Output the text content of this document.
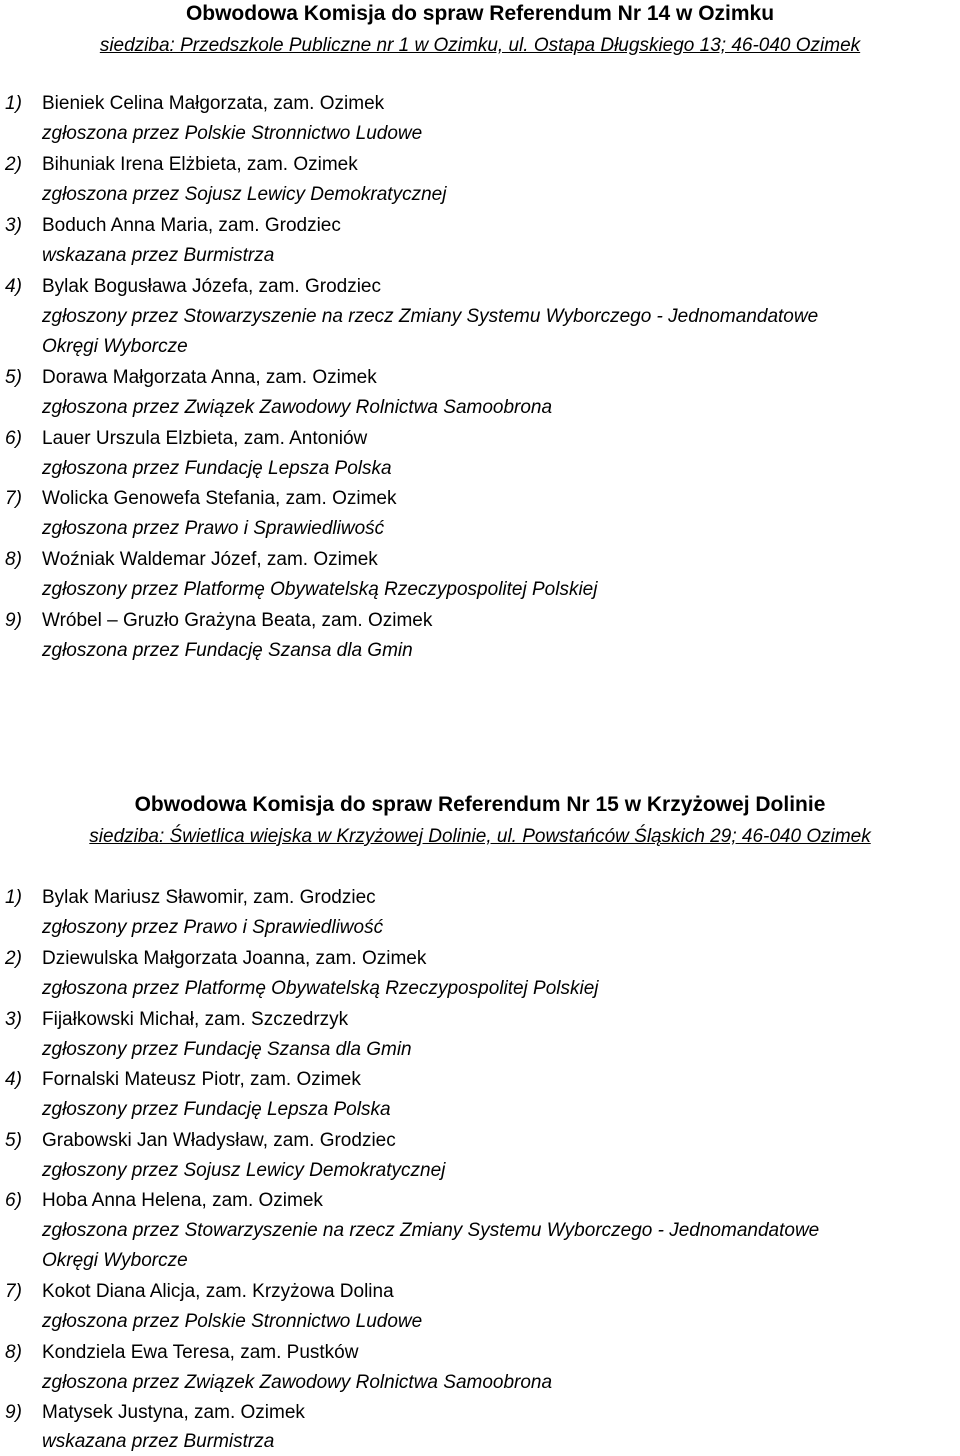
Obwodowa Komisja do spraw Referendum Nr 14 w Ozimku
siedziba: Przedszkole Publiczne nr 1 w Ozimku, ul. Ostapa Długskiego 13; 46-040 Ozimek
1) Bieniek Celina Małgorzata, zam. Ozimek
zgłoszona przez Polskie Stronnictwo Ludowe
2) Bihuniak Irena Elżbieta, zam. Ozimek
zgłoszona przez Sojusz Lewicy Demokratycznej
3) Boduch Anna Maria, zam. Grodziec
wskazana przez Burmistrza
4) Bylak Bogusława Józefa, zam. Grodziec
zgłoszony przez Stowarzyszenie na rzecz Zmiany Systemu Wyborczego - Jednomandatowe
Okręgi Wyborcze
5) Dorawa Małgorzata Anna, zam. Ozimek
zgłoszona przez Związek Zawodowy Rolnictwa Samoobrona
6) Lauer Urszula Elzbieta, zam. Antoniów
zgłoszona przez Fundację Lepsza Polska
7) Wolicka Genowefa Stefania, zam. Ozimek
zgłoszona przez Prawo i Sprawiedliwość
8) Woźniak Waldemar Józef, zam. Ozimek
zgłoszony przez Platformę Obywatelską Rzeczypospolitej Polskiej
9) Wróbel – Gruzło Grażyna Beata, zam. Ozimek
zgłoszona przez Fundację Szansa dla Gmin
Obwodowa Komisja do spraw Referendum Nr 15 w Krzyżowej Dolinie
siedziba: Świetlica wiejska w Krzyżowej Dolinie, ul. Powstańców Śląskich 29; 46-040 Ozimek
1) Bylak Mariusz Sławomir, zam. Grodziec
zgłoszony przez Prawo i Sprawiedliwość
2) Dziewulska Małgorzata Joanna, zam. Ozimek
zgłoszona przez Platformę Obywatelską Rzeczypospolitej Polskiej
3) Fijałkowski Michał, zam. Szczedrzyk
zgłoszony przez Fundację Szansa dla Gmin
4) Fornalski Mateusz Piotr, zam. Ozimek
zgłoszony przez Fundację Lepsza Polska
5) Grabowski Jan Władysław, zam. Grodziec
zgłoszony przez Sojusz Lewicy Demokratycznej
6) Hoba Anna Helena, zam. Ozimek
zgłoszona przez Stowarzyszenie na rzecz Zmiany Systemu Wyborczego - Jednomandatowe
Okręgi Wyborcze
7) Kokot Diana Alicja, zam. Krzyżowa Dolina
zgłoszona przez Polskie Stronnictwo Ludowe
8) Kondziela Ewa Teresa, zam. Pustków
zgłoszona przez Związek Zawodowy Rolnictwa Samoobrona
9) Matysek Justyna, zam. Ozimek
wskazana przez Burmistrza
